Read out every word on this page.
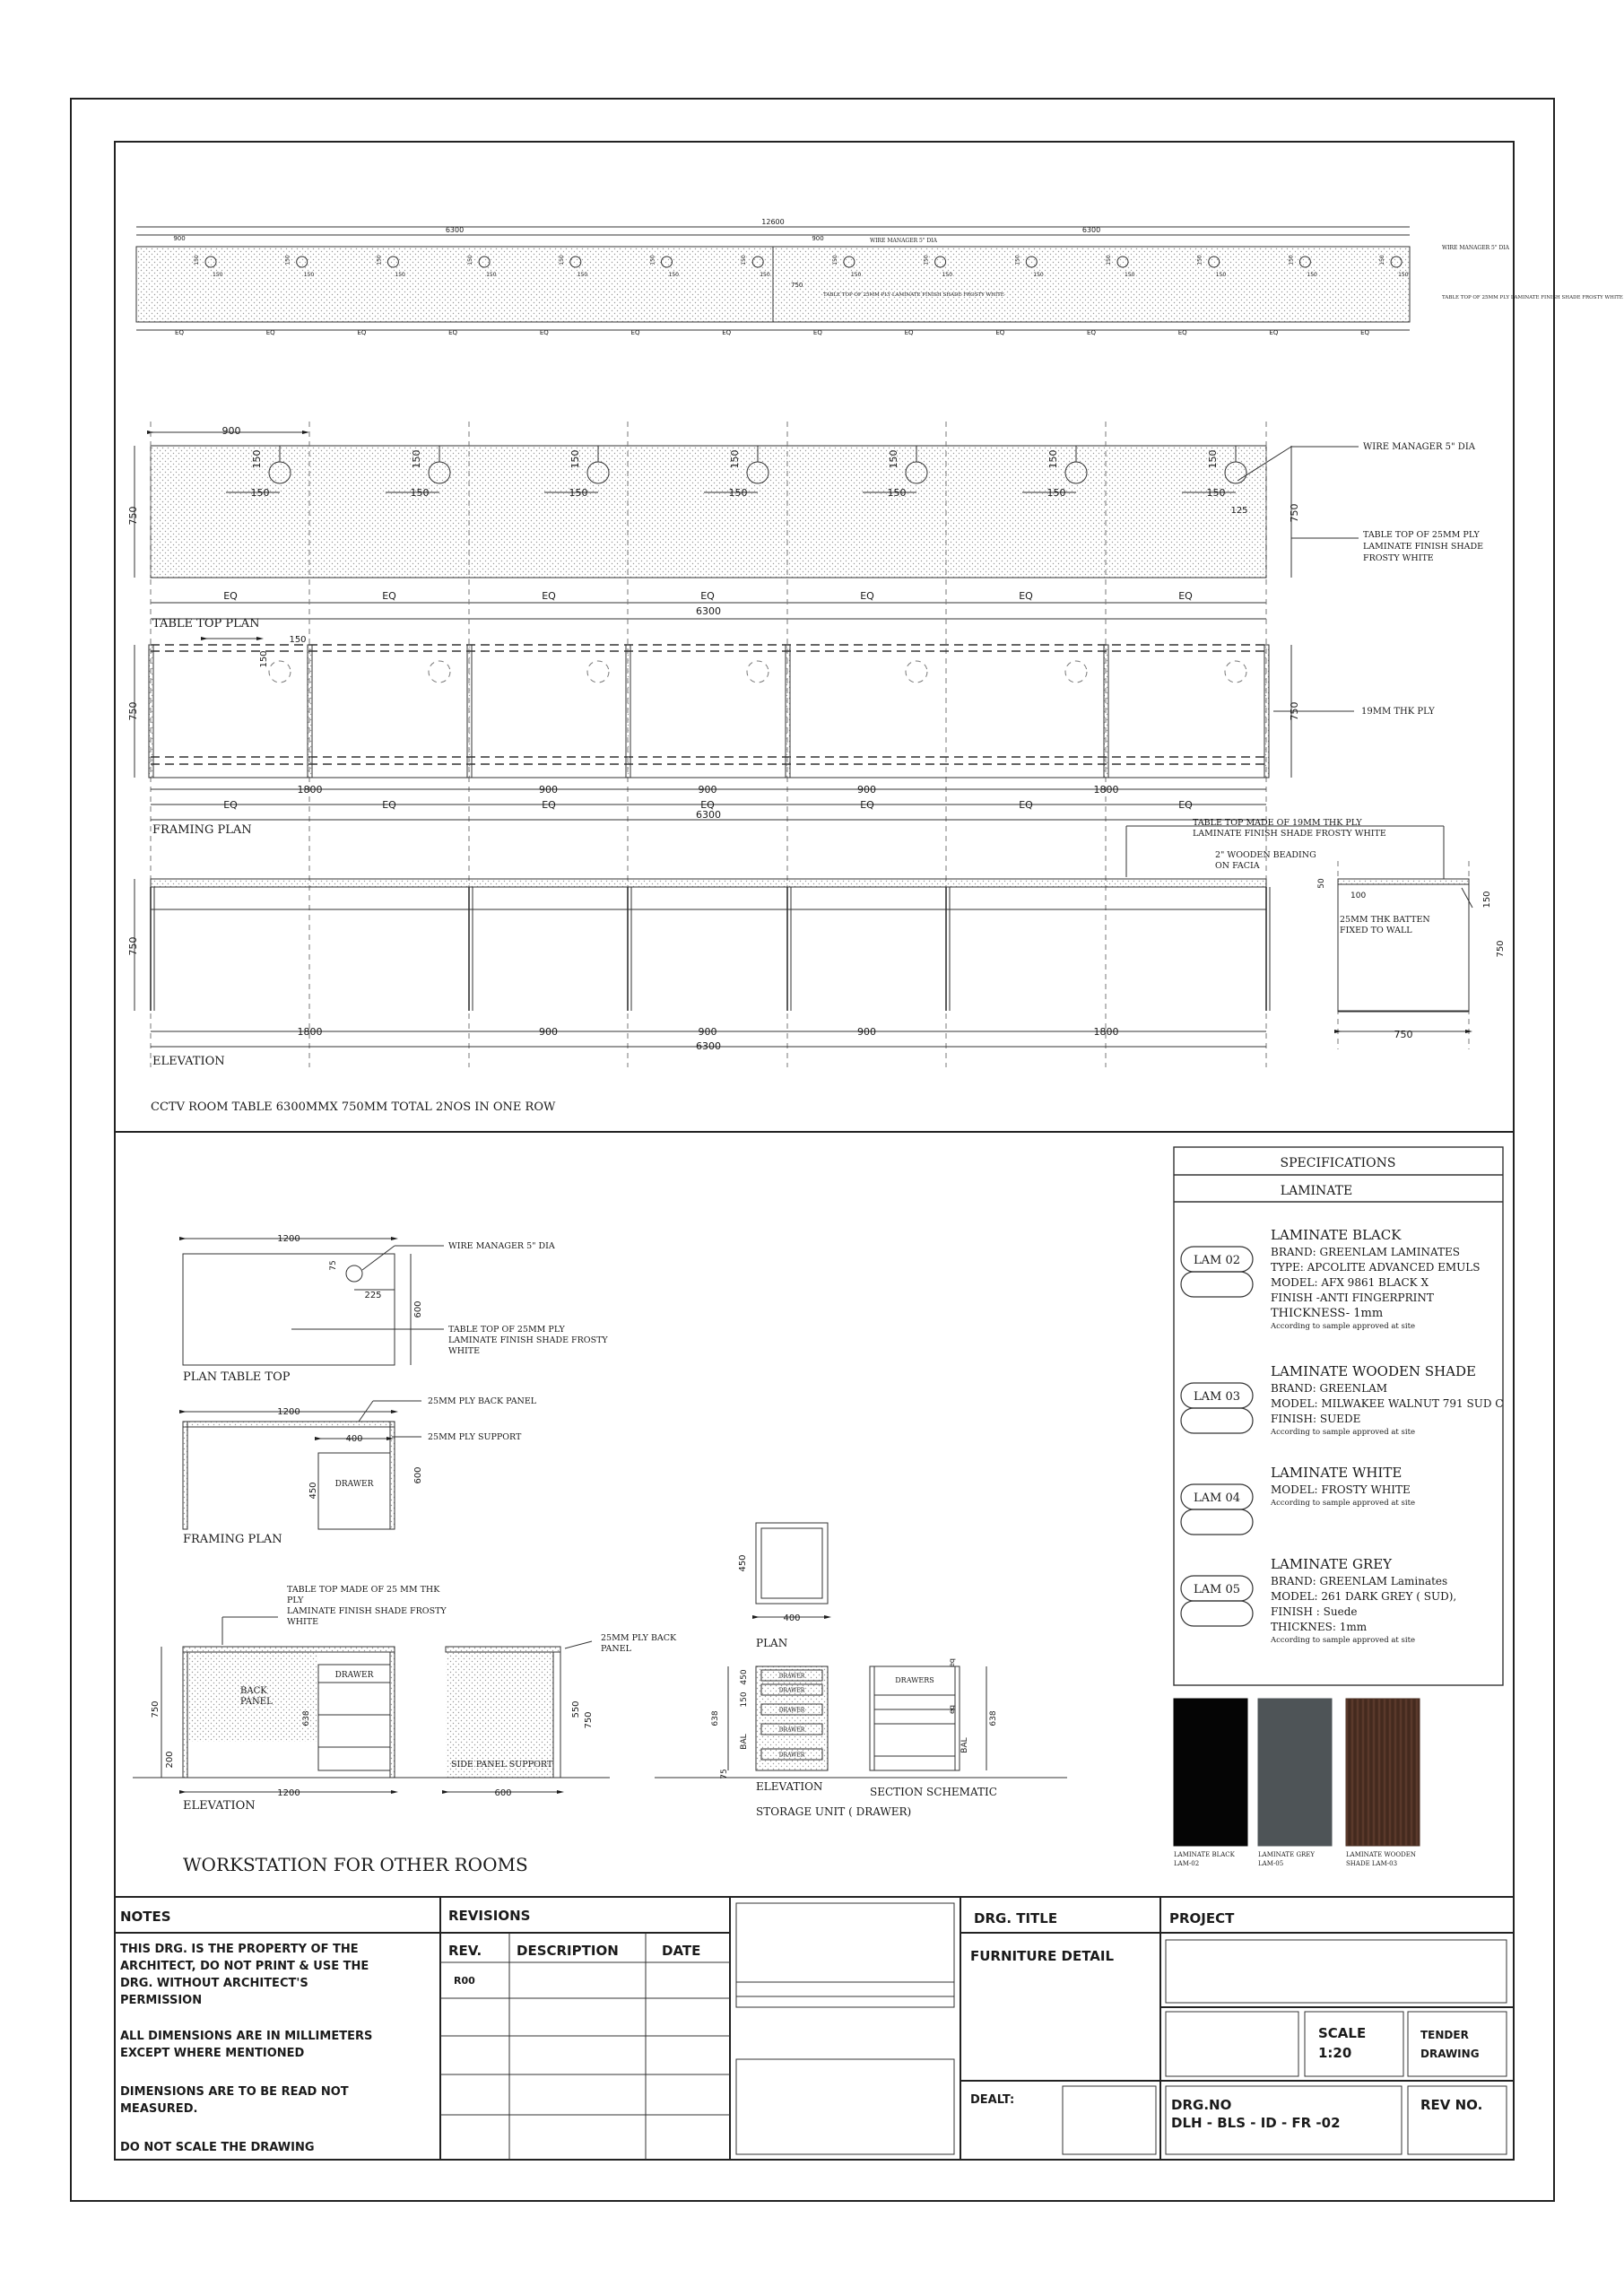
12600
6300	6300
900	900	WIRE MANAGER 5" DIA
WIRE MANAGER 5" DIA
TABLE TOP OF 25MM PLY LAMINATE FINISH SHADE FROSTY WHITE	TABLE TOP OF 25MM PLY LAMINATE FINISH SHADE FROSTY WHITE
750
150
150
150
150
150
150
150
150
150
150
150
150
150
150
150
150
150
150
150
150
150
150
150
150
150
150
150
150
EQ	EQ	EQ	EQ	EQ	EQ	EQ	EQ	EQ	EQ	EQ	EQ	EQ	EQ
900
150
150
150
150
150
150
150
150
150
150
150
150
150
150
125
750	750
EQ	EQ	EQ	EQ	EQ	EQ	EQ
6300
TABLE TOP PLAN
WIRE MANAGER 5" DIA
TABLE TOP OF 25MM PLY
LAMINATE FINISH SHADE
FROSTY WHITE
150
150
750	750	19MM THK PLY
1800	900	900	900	1800
EQ	EQ	EQ	EQ	EQ	EQ	EQ
6300
FRAMING PLAN
750
1800	900	900	900	1800
6300
ELEVATION
TABLE TOP MADE OF 19MM THK PLY
LAMINATE FINISH SHADE FROSTY WHITE
2" WOODEN BEADING
ON FACIA
25MM THK BATTEN
FIXED TO WALL
50
100	150
750
750
CCTV ROOM TABLE 6300MMX 750MM TOTAL 2NOS IN ONE ROW
1200
75
225
600
WIRE MANAGER 5" DIA
TABLE TOP OF 25MM PLY
LAMINATE FINISH SHADE FROSTY
WHITE
PLAN TABLE TOP
400
DRAWER
450
1200
600
25MM PLY BACK PANEL
25MM PLY SUPPORT
FRAMING PLAN
DRAWER
BACK
PANEL
638
750
200
1200
TABLE TOP MADE OF 25 MM THK
PLY
LAMINATE FINISH SHADE FROSTY
WHITE
ELEVATION
SIDE PANEL SUPPORT
550
750
600
25MM PLY BACK
PANEL
WORKSTATION FOR OTHER ROOMS
450
400
PLAN
DRAWER
DRAWER
DRAWER
DRAWER
DRAWER
638
150
450
BAL
75
ELEVATION
DRAWERS
eq
eq
BAL
638
SECTION SCHEMATIC
STORAGE UNIT ( DRAWER)
SPECIFICATIONS
LAMINATE
LAM 02
LAMINATE BLACK
BRAND: GREENLAM LAMINATES
TYPE: APCOLITE ADVANCED EMULS
MODEL: AFX 9861 BLACK X
FINISH -ANTI FINGERPRINT
THICKNESS- 1mm
According to sample approved at site
LAM 03
LAMINATE WOODEN SHADE
BRAND: GREENLAM
MODEL: MILWAKEE WALNUT 791 SUD C
FINISH: SUEDE
According to sample approved at site
LAM 04
LAMINATE WHITE
MODEL: FROSTY WHITE
According to sample approved at site
LAM 05
LAMINATE GREY
BRAND: GREENLAM Laminates
MODEL: 261 DARK GREY ( SUD),
FINISH : Suede
THICKNES: 1mm
According to sample approved at site
LAMINATE BLACK
LAM-02
LAMINATE GREY
LAM-05
LAMINATE WOODEN
SHADE LAM-03
NOTES
THIS DRG. IS THE PROPERTY OF THE
ARCHITECT, DO NOT PRINT & USE THE
DRG. WITHOUT ARCHITECT'S
PERMISSION
ALL DIMENSIONS ARE IN MILLIMETERS
EXCEPT WHERE MENTIONED
DIMENSIONS ARE TO BE READ NOT
MEASURED.
DO NOT SCALE THE DRAWING
REVISIONS
REV.	DESCRIPTION	DATE
R00
DRG. TITLE
FURNITURE DETAIL
PROJECT
SCALE
1:20
TENDER
DRAWING
DEALT:	DRG.NO
DLH - BLS - ID - FR -02
REV NO.
